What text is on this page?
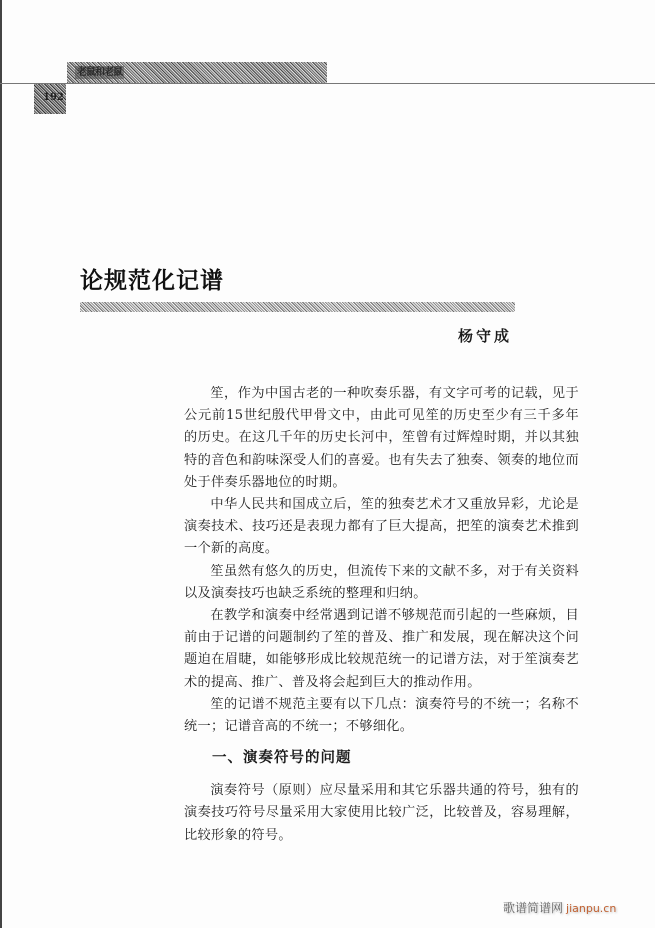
老鼠和老鼠
192
论规范化记谱
杨守成

笙，作为中国古老的一种吹奏乐器，有文字可考的记载，见于公元前15世纪殷代甲骨文中，由此可见笙的历史至少有三千多年的历史。在这几千年的历史长河中，笙曾有过辉煌时期，并以其独特的音色和韵味深受人们的喜爱。也有失去了独奏、领奏的地位而处于伴奏乐器地位的时期。

中华人民共和国成立后，笙的独奏艺术才又重放异彩，尤论是演奏技术、技巧还是表现力都有了巨大提高，把笙的演奏艺术推到一个新的高度。

笙虽然有悠久的历史，但流传下来的文献不多，对于有关资料以及演奏技巧也缺乏系统的整理和归纳。

在教学和演奏中经常遇到记谱不够规范而引起的一些麻烦，目前由于记谱的问题制约了笙的普及、推广和发展，现在解决这个问题迫在眉睫，如能够形成比较规范统一的记谱方法，对于笙演奏艺术的提高、推广、普及将会起到巨大的推动作用。

笙的记谱不规范主要有以下几点：演奏符号的不统一；名称不统一；记谱音高的不统一；不够细化。

一、演奏符号的问题

演奏符号（原则）应尽量采用和其它乐器共通的符号，独有的演奏技巧符号尽量采用大家使用比较广泛，比较普及，容易理解，比较形象的符号。

歌谱简谱网 jianpu.cn
